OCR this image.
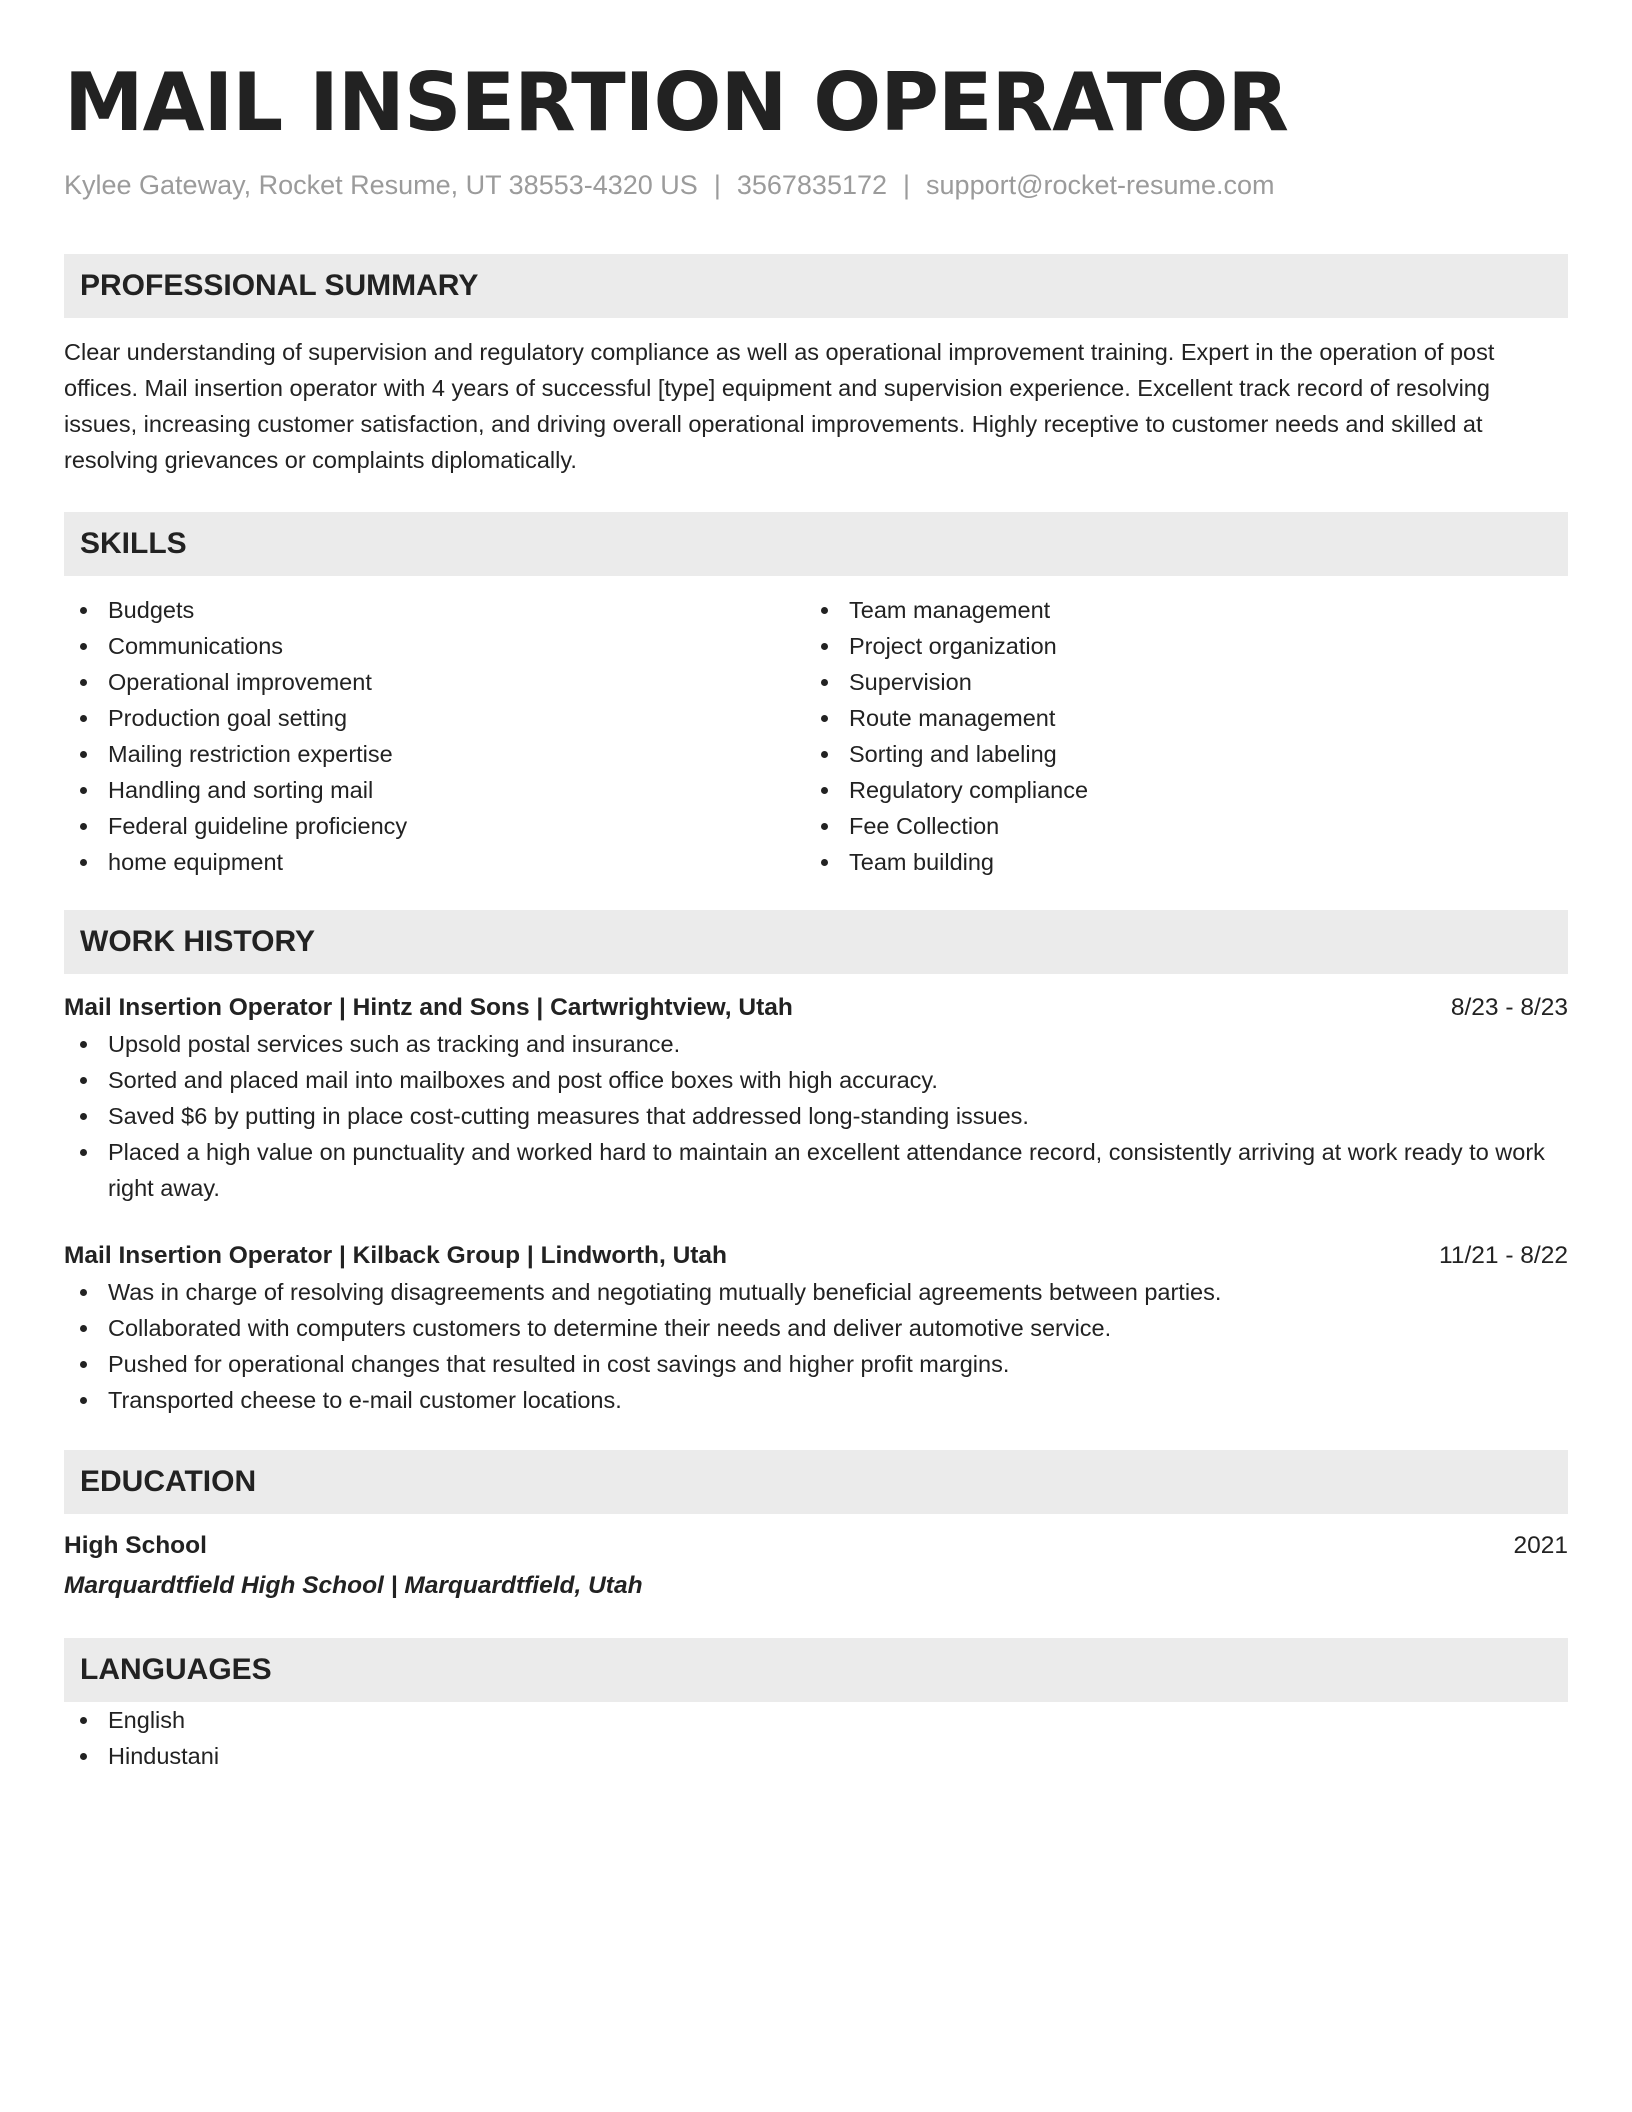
MAIL INSERTION OPERATOR
Kylee Gateway, Rocket Resume, UT 38553-4320 US | 3567835172 | support@rocket-resume.com
PROFESSIONAL SUMMARY

Clear understanding of supervision and regulatory compliance as well as operational improvement training. Expert in the operation of post offices. Mail insertion operator with 4 years of successful [type] equipment and supervision experience. Excellent track record of resolving issues, increasing customer satisfaction, and driving overall operational improvements. Highly receptive to customer needs and skilled at resolving grievances or complaints diplomatically.

SKILLS
Budgets
Communications
Operational improvement
Production goal setting
Mailing restriction expertise
Handling and sorting mail
Federal guideline proficiency
home equipment
Team management
Project organization
Supervision
Route management
Sorting and labeling
Regulatory compliance
Fee Collection
Team building
WORK HISTORY
Mail Insertion Operator | Hintz and Sons | Cartwrightview, Utah	8/23 - 8/23
Upsold postal services such as tracking and insurance.
Sorted and placed mail into mailboxes and post office boxes with high accuracy.
Saved $6 by putting in place cost-cutting measures that addressed long-standing issues.
Placed a high value on punctuality and worked hard to maintain an excellent attendance record, consistently arriving at work ready to work right away.
Mail Insertion Operator | Kilback Group | Lindworth, Utah	11/21 - 8/22
Was in charge of resolving disagreements and negotiating mutually beneficial agreements between parties.
Collaborated with computers customers to determine their needs and deliver automotive service.
Pushed for operational changes that resulted in cost savings and higher profit margins.
Transported cheese to e-mail customer locations.
EDUCATION
High School	2021
Marquardtfield High School | Marquardtfield, Utah
LANGUAGES
English
Hindustani
